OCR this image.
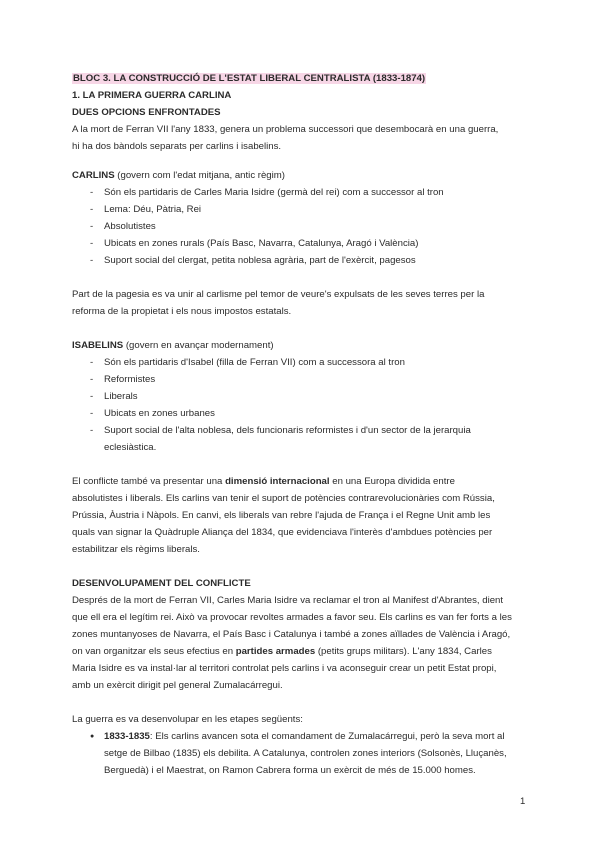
BLOC 3. LA CONSTRUCCIÓ DE L'ESTAT LIBERAL CENTRALISTA (1833-1874)

1. LA PRIMERA GUERRA CARLINA

DUES OPCIONS ENFRONTADES

A la mort de Ferran VII l'any 1833, genera un problema successori que desembocarà en una guerra,

hi ha dos bàndols separats per carlins i isabelins.

CARLINS (govern com l'edat mitjana, antic règim)

- Són els partidaris de Carles Maria Isidre (germà del rei) com a successor al tron
- Lema: Déu, Pàtria, Rei
- Absolutistes
- Ubicats en zones rurals (País Basc, Navarra, Catalunya, Aragó i València)
- Suport social del clergat, petita noblesa agrària, part de l'exèrcit, pagesos

Part de la pagesia es va unir al carlisme pel temor de veure's expulsats de les seves terres per la

reforma de la propietat i els nous impostos estatals.

ISABELINS (govern en avançar modernament)

- Són els partidaris d'Isabel (filla de Ferran VII) com a successora al tron
- Reformistes
- Liberals
- Ubicats en zones urbanes
- Suport social de l'alta noblesa, dels funcionaris reformistes i d'un sector de la jerarquia
eclesiàstica.

El conflicte també va presentar una dimensió internacional en una Europa dividida entre

absolutistes i liberals. Els carlins van tenir el suport de potències contrarevolucionàries com Rússia,

Prússia, Àustria i Nàpols. En canvi, els liberals van rebre l'ajuda de França i el Regne Unit amb les

quals van signar la Quàdruple Aliança del 1834, que evidenciava l'interès d'ambdues potències per

estabilitzar els règims liberals.

DESENVOLUPAMENT DEL CONFLICTE

Després de la mort de Ferran VII, Carles Maria Isidre va reclamar el tron al Manifest d'Abrantes, dient

que ell era el legítim rei. Això va provocar revoltes armades a favor seu. Els carlins es van fer forts a les

zones muntanyoses de Navarra, el País Basc i Catalunya i també a zones aïllades de València i Aragó,

on van organitzar els seus efectius en partides armades (petits grups militars). L'any 1834, Carles

Maria Isidre es va instal·lar al territori controlat pels carlins i va aconseguir crear un petit Estat propi,

amb un exèrcit dirigit pel general Zumalacárregui.

La guerra es va desenvolupar en les etapes següents:

● 1833-1835: Els carlins avancen sota el comandament de Zumalacárregui, però la seva mort al
setge de Bilbao (1835) els debilita. A Catalunya, controlen zones interiors (Solsonès, Lluçanès,
Berguedà) i el Maestrat, on Ramon Cabrera forma un exèrcit de més de 15.000 homes.
1
